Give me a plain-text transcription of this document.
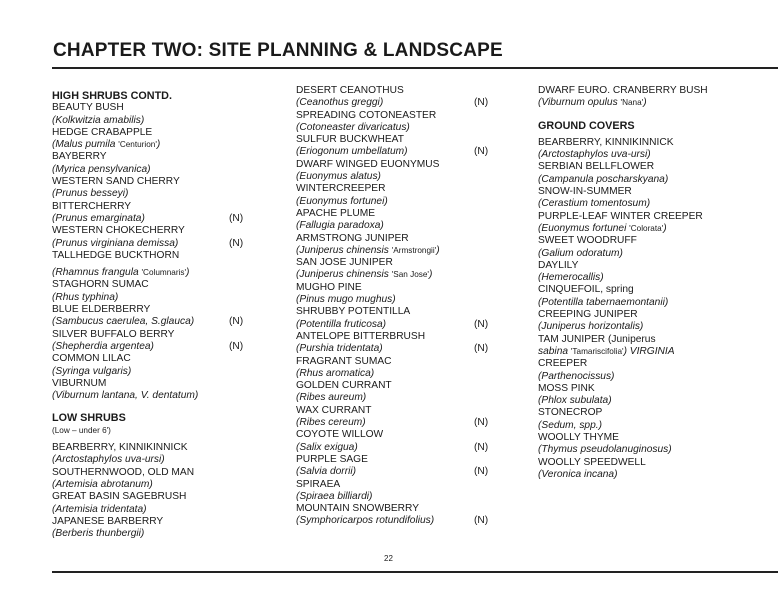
CHAPTER TWO: SITE PLANNING & LANDSCAPE
HIGH SHRUBS CONTD.
BEAUTY BUSH
(Kolkwitzia amabilis)
HEDGE CRABAPPLE
(Malus pumila 'Centurion')
BAYBERRY
(Myrica pensylvanica)
WESTERN SAND CHERRY
(Prunus besseyi)
BITTERCHERRY
(Prunus emarginata)	(N)
WESTERN CHOKECHERRY
(Prunus virginiana demissa)	(N)
TALLHEDGE BUCKTHORN
(Rhamnus frangula 'Columnaris')
STAGHORN SUMAC
(Rhus typhina)
BLUE ELDERBERRY
(Sambucus caerulea, S.glauca)	(N)
SILVER BUFFALO BERRY
(Shepherdia argentea)	(N)
COMMON LILAC
(Syringa vulgaris)
VIBURNUM
(Viburnum lantana, V. dentatum)
LOW SHRUBS
(Low – under 6')
BEARBERRY, KINNIKINNICK
(Arctostaphylos uva-ursi)
SOUTHERNWOOD, OLD MAN
(Artemisia abrotanum)
GREAT BASIN SAGEBRUSH
(Artemisia tridentata)
JAPANESE BARBERRY
(Berberis thunbergii)
DESERT CEANOTHUS
(Ceanothus greggi)	(N)
SPREADING COTONEASTER
(Cotoneaster divaricatus)
SULFUR BUCKWHEAT
(Eriogonum umbellatum)	(N)
DWARF WINGED EUONYMUS
(Euonymus alatus)
WINTERCREEPER
(Euonymus fortunei)
APACHE PLUME
(Fallugia paradoxa)
ARMSTRONG JUNIPER
(Juniperus chinensis 'Armstrongii')
SAN JOSE JUNIPER
(Juniperus chinensis 'San Jose')
MUGHO PINE
(Pinus mugo mughus)
SHRUBBY POTENTILLA
(Potentilla fruticosa)	(N)
ANTELOPE BITTERBRUSH
(Purshia tridentata)	(N)
FRAGRANT SUMAC
(Rhus aromatica)
GOLDEN CURRANT
(Ribes aureum)
WAX CURRANT
(Ribes cereum)	(N)
COYOTE WILLOW
(Salix exigua)	(N)
PURPLE SAGE
(Salvia dorrii)	(N)
SPIRAEA
(Spiraea billiardi)
MOUNTAIN SNOWBERRY
(Symphoricarpos rotundifolius)	(N)
DWARF EURO. CRANBERRY BUSH
(Viburnum opulus 'Nana')
GROUND COVERS
BEARBERRY, KINNIKINNICK
(Arctostaphylos uva-ursi)
SERBIAN BELLFLOWER
(Campanula poscharskyana)
SNOW-IN-SUMMER
(Cerastium tomentosum)
PURPLE-LEAF WINTER CREEPER
(Euonymus fortunei 'Colorata')
SWEET WOODRUFF
(Galium odoratum)
DAYLILY
(Hemerocallis)
CINQUEFOIL, spring
(Potentilla tabernaemontanii)
CREEPING JUNIPER
(Juniperus horizontalis)
TAM JUNIPER (Juniperus
sabina 'Tamariscifolia') VIRGINIA
CREEPER
(Parthenocissus)
MOSS PINK
(Phlox subulata)
STONECROP
(Sedum, spp.)
WOOLLY THYME
(Thymus pseudolanuginosus)
WOOLLY SPEEDWELL
(Veronica incana)
22
